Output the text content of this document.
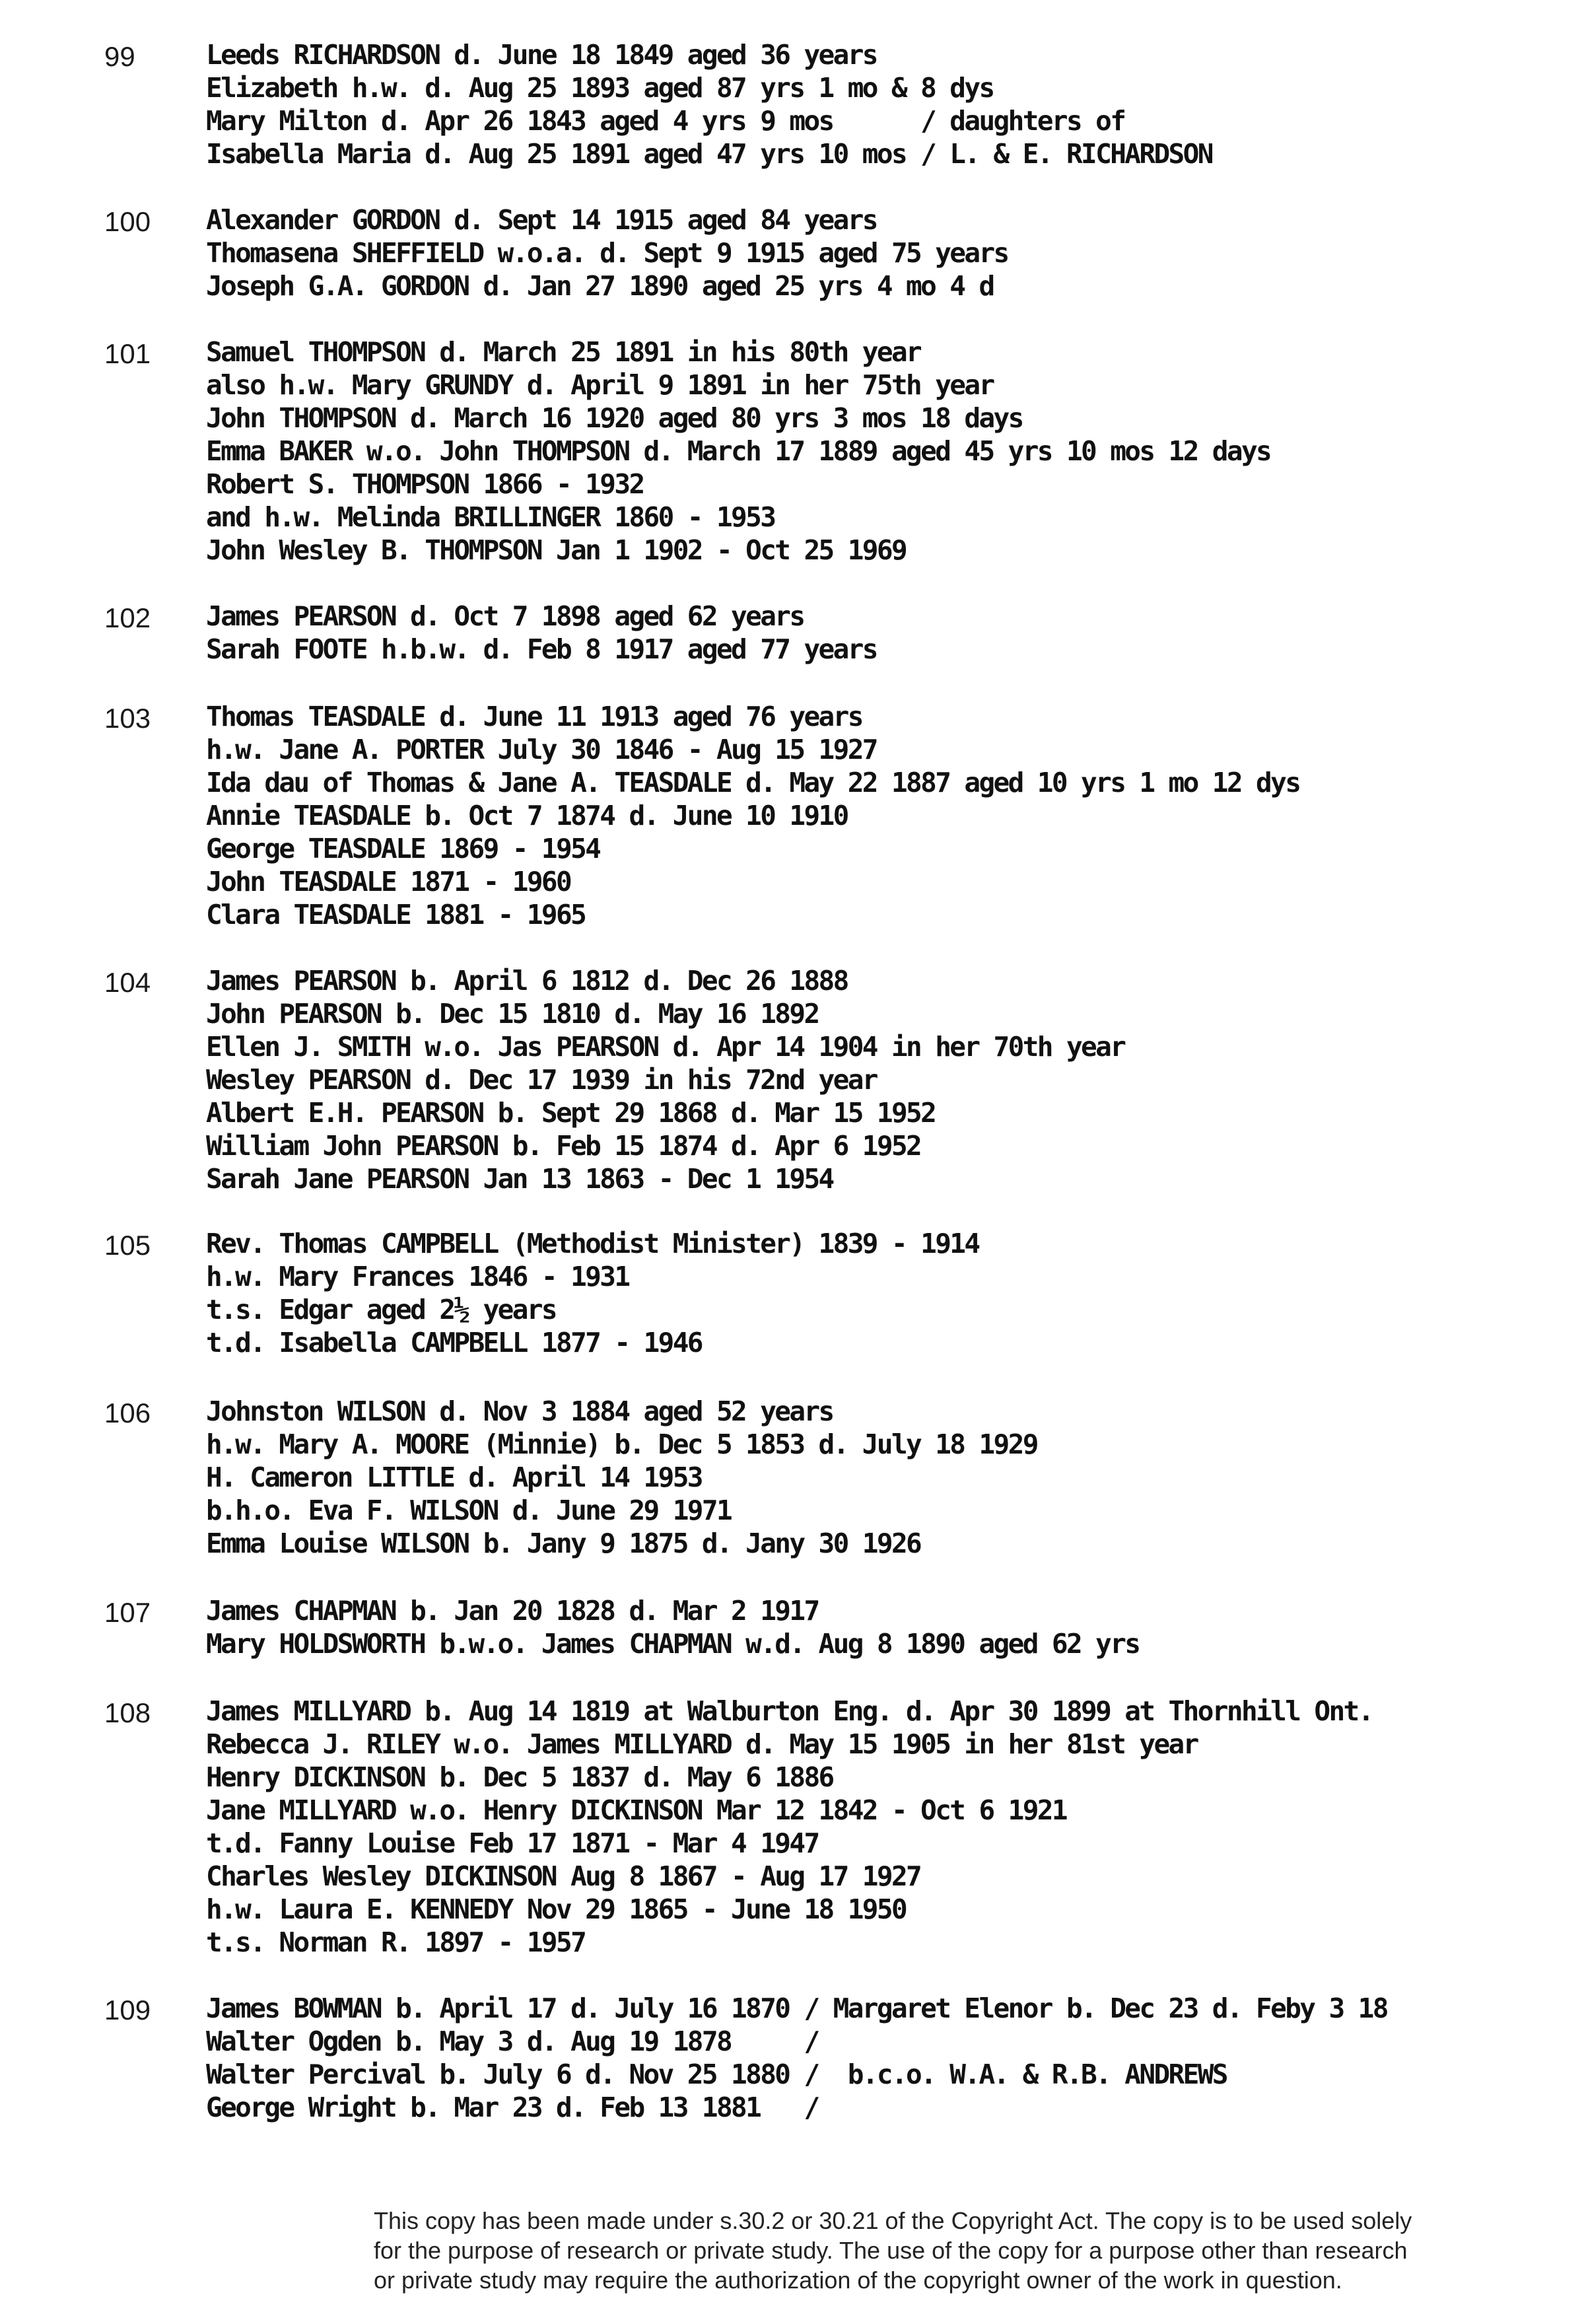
99	Leeds RICHARDSON d. June 18 1849 aged 36 years
Elizabeth h.w. d. Aug 25 1893 aged 87 yrs 1 mo & 8 dys
Mary Milton d. Apr 26 1843 aged 4 yrs 9 mos      / daughters of
Isabella Maria d. Aug 25 1891 aged 47 yrs 10 mos / L. & E. RICHARDSON
100 Alexander GORDON d. Sept 14 1915 aged 84 years
Thomasena SHEFFIELD w.o.a. d. Sept 9 1915 aged 75 years
Joseph G.A. GORDON d. Jan 27 1890 aged 25 yrs 4 mo 4 d
101 Samuel THOMPSON d. March 25 1891 in his 80th year
also h.w. Mary GRUNDY d. April 9 1891 in her 75th year
John THOMPSON d. March 16 1920 aged 80 yrs 3 mos 18 days
Emma BAKER w.o. John THOMPSON d. March 17 1889 aged 45 yrs 10 mos 12 days
Robert S. THOMPSON 1866 - 1932
and h.w. Melinda BRILLINGER 1860 - 1953
John Wesley B. THOMPSON Jan 1 1902 - Oct 25 1969
102 James PEARSON d. Oct 7 1898 aged 62 years
Sarah FOOTE h.b.w. d. Feb 8 1917 aged 77 years
103 Thomas TEASDALE d. June 11 1913 aged 76 years
h.w. Jane A. PORTER July 30 1846 - Aug 15 1927
Ida dau of Thomas & Jane A. TEASDALE d. May 22 1887 aged 10 yrs 1 mo 12 dys
Annie TEASDALE b. Oct 7 1874 d. June 10 1910
George TEASDALE 1869 - 1954
John TEASDALE 1871 - 1960
Clara TEASDALE 1881 - 1965
104 James PEARSON b. April 6 1812 d. Dec 26 1888
John PEARSON b. Dec 15 1810 d. May 16 1892
Ellen J. SMITH w.o. Jas PEARSON d. Apr 14 1904 in her 70th year
Wesley PEARSON d. Dec 17 1939 in his 72nd year
Albert E.H. PEARSON b. Sept 29 1868 d. Mar 15 1952
William John PEARSON b. Feb 15 1874 d. Apr 6 1952
Sarah Jane PEARSON Jan 13 1863 - Dec 1 1954
105 Rev. Thomas CAMPBELL (Methodist Minister) 1839 - 1914
h.w. Mary Frances 1846 - 1931
t.s. Edgar aged 2½ years
t.d. Isabella CAMPBELL 1877 - 1946
106 Johnston WILSON d. Nov 3 1884 aged 52 years
h.w. Mary A. MOORE (Minnie) b. Dec 5 1853 d. July 18 1929
H. Cameron LITTLE d. April 14 1953
b.h.o. Eva F. WILSON d. June 29 1971
Emma Louise WILSON b. Jany 9 1875 d. Jany 30 1926
107 James CHAPMAN b. Jan 20 1828 d. Mar 2 1917
Mary HOLDSWORTH b.w.o. James CHAPMAN w.d. Aug 8 1890 aged 62 yrs
108 James MILLYARD b. Aug 14 1819 at Walburton Eng. d. Apr 30 1899 at Thornhill Ont.
Rebecca J. RILEY w.o. James MILLYARD d. May 15 1905 in her 81st year
Henry DICKINSON b. Dec 5 1837 d. May 6 1886
Jane MILLYARD w.o. Henry DICKINSON Mar 12 1842 - Oct 6 1921
t.d. Fanny Louise Feb 17 1871 - Mar 4 1947
Charles Wesley DICKINSON Aug 8 1867 - Aug 17 1927
h.w. Laura E. KENNEDY Nov 29 1865 - June 18 1950
t.s. Norman R. 1897 - 1957
109 James BOWMAN b. April 17 d. July 16 1870 / Margaret Elenor b. Dec 23 d. Feby 3 18
Walter Ogden b. May 3 d. Aug 19 1878     /
Walter Percival b. July 6 d. Nov 25 1880 /  b.c.o. W.A. & R.B. ANDREWS
George Wright b. Mar 23 d. Feb 13 1881   /
This copy has been made under s.30.2 or 30.21 of the Copyright Act. The copy is to be used solely
for the purpose of research or private study. The use of the copy for a purpose other than research
or private study may require the authorization of the copyright owner of the work in question.
